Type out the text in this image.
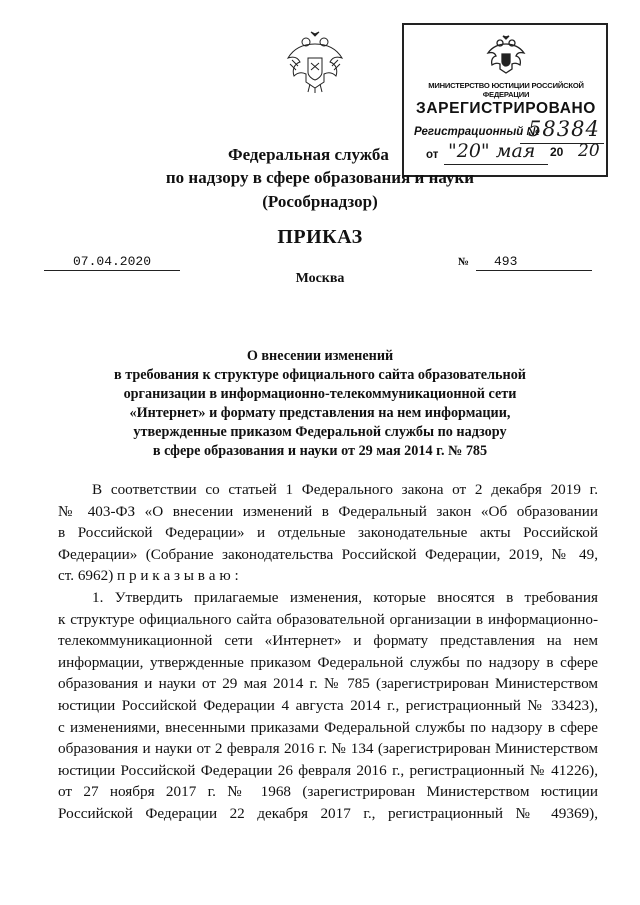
МИНИСТЕРСТВО ЮСТИЦИИ РОССИЙСКОЙ ФЕДЕРАЦИИ
ЗАРЕГИСТРИРОВАНО
Регистрационный №
58384
от "20" мая 20 20
Федеральная служба
по надзору в сфере образования и науки
(Рособрнадзор)
ПРИКАЗ
07.04.2020	№	493
Москва
О внесении изменений
в требования к структуре официального сайта образовательной
организации в информационно-телекоммуникационной сети
«Интернет» и формату представления на нем информации,
утвержденные приказом Федеральной службы по надзору
в сфере образования и науки от 29 мая 2014 г. № 785
В соответствии со статьей 1 Федерального закона от 2 декабря 2019 г.
№ 403-ФЗ «О внесении изменений в Федеральный закон «Об образовании
в Российской Федерации» и отдельные законодательные акты Российской
Федерации» (Собрание законодательства Российской Федерации, 2019, № 49,
ст. 6962) п р и к а з ы в а ю :
1. Утвердить прилагаемые изменения, которые вносятся в требования
к структуре официального сайта образовательной организации в информационно-
телекоммуникационной сети «Интернет» и формату представления на нем
информации, утвержденные приказом Федеральной службы по надзору в сфере
образования и науки от 29 мая 2014 г. № 785 (зарегистрирован Министерством
юстиции Российской Федерации 4 августа 2014 г., регистрационный № 33423),
с изменениями, внесенными приказами Федеральной службы по надзору в сфере
образования и науки от 2 февраля 2016 г. № 134 (зарегистрирован Министерством
юстиции Российской Федерации 26 февраля 2016 г., регистрационный № 41226),
от 27 ноября 2017 г. № 1968 (зарегистрирован Министерством юстиции
Российской Федерации 22 декабря 2017 г., регистрационный № 49369),
